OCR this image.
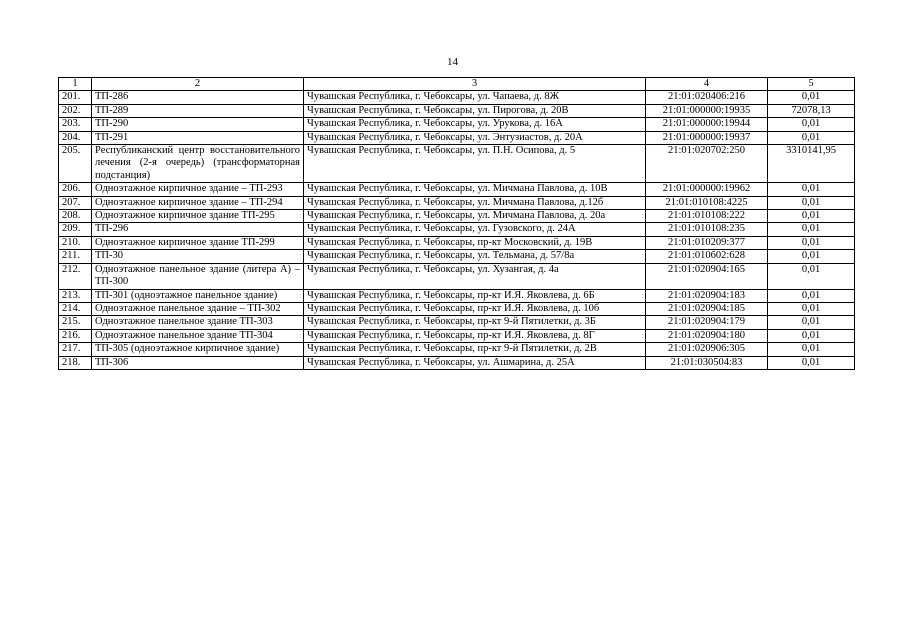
14
1	2	3	4	5
201.	ТП-286	Чувашская Республика, г. Чебоксары, ул. Чапаева, д. 8Ж	21:01:020406:216	0,01
202.	ТП-289	Чувашская Республика, г. Чебоксары, ул. Пирогова, д. 20В	21:01:000000:19935	72078,13
203.	ТП-290	Чувашская Республика, г. Чебоксары, ул. Урукова, д. 16А	21:01:000000:19944	0,01
204.	ТП-291	Чувашская Республика, г. Чебоксары, ул. Энтузиастов, д. 20А	21:01:000000:19937	0,01
205.	Республиканский центр восстановительного лечения (2-я очередь) (трансформаторная подстанция)	Чувашская Республика, г. Чебоксары, ул. П.Н. Осипова, д. 5	21:01:020702:250	3310141,95
206.	Одноэтажное кирпичное здание – ТП-293	Чувашская Республика, г. Чебоксары, ул. Мичмана Павлова, д. 10В	21:01:000000:19962	0,01
207.	Одноэтажное кирпичное здание – ТП-294	Чувашская Республика, г. Чебоксары, ул. Мичмана Павлова, д.12б	21:01:010108:4225	0,01
208.	Одноэтажное кирпичное здание ТП-295	Чувашская Республика, г. Чебоксары, ул. Мичмана Павлова, д. 20а	21:01:010108:222	0,01
209.	ТП-296	Чувашская Республика, г. Чебоксары, ул. Гузовского, д. 24А	21:01:010108:235	0,01
210.	Одноэтажное кирпичное здание ТП-299	Чувашская Республика, г. Чебоксары, пр-кт Московский, д. 19В	21:01:010209:377	0,01
211.	ТП-30	Чувашская Республика, г. Чебоксары, ул. Тельмана, д. 57/8а	21:01:010602:628	0,01
212.	Одноэтажное панельное здание (литера А) – ТП-300	Чувашская Республика, г. Чебоксары, ул. Хузангая, д. 4а	21:01:020904:165	0,01
213.	ТП-301 (одноэтажное панельное здание)	Чувашская Республика, г. Чебоксары, пр-кт И.Я. Яковлева, д. 6Б	21:01:020904:183	0,01
214.	Одноэтажное панельное здание – ТП-302	Чувашская Республика, г. Чебоксары, пр-кт И.Я. Яковлева, д. 10б	21:01:020904:185	0,01
215.	Одноэтажное панельное здание ТП-303	Чувашская Республика, г. Чебоксары, пр-кт 9-й Пятилетки, д. 3Б	21:01:020904:179	0,01
216.	Одноэтажное панельное здание ТП-304	Чувашская Республика, г. Чебоксары, пр-кт И.Я. Яковлева, д. 8Г	21:01:020904:180	0,01
217.	ТП-305 (одноэтажное кирпичное здание)	Чувашская Республика, г. Чебоксары, пр-кт 9-й Пятилетки, д. 2В	21:01:020906:305	0,01
218.	ТП-306	Чувашская Республика, г. Чебоксары, ул. Ашмарина, д. 25А	21:01:030504:83	0,01
